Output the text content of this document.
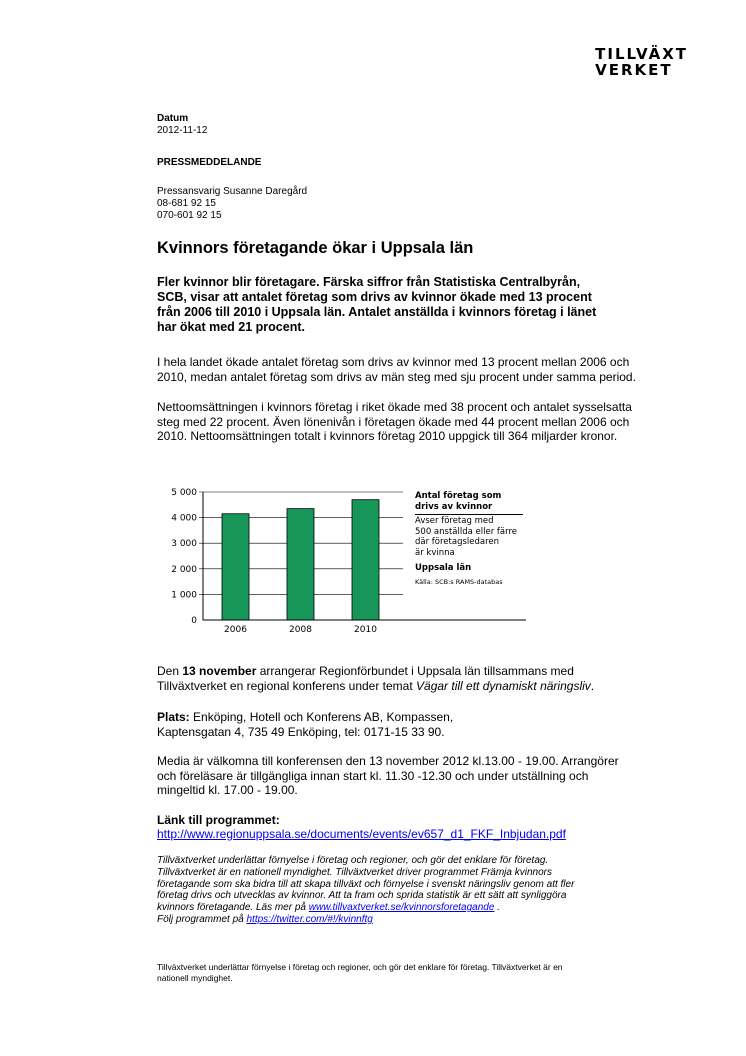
TILLVÄXT
VERKET
Datum
2012-11-12
PRESSMEDDELANDE
Pressansvarig Susanne Daregård
08-681 92 15
070-601 92 15
Kvinnors företagande ökar i Uppsala län
Fler kvinnor blir företagare. Färska siffror från Statistiska Centralbyrån,
SCB, visar att antalet företag som drivs av kvinnor ökade med 13 procent
från 2006 till 2010 i Uppsala län. Antalet anställda i kvinnors företag i länet
har ökat med 21 procent.
I hela landet ökade antalet företag som drivs av kvinnor med 13 procent mellan 2006 och
2010, medan antalet företag som drivs av män steg med sju procent under samma period.
Nettoomsättningen i kvinnors företag i riket ökade med 38 procent och antalet sysselsatta
steg med 22 procent. Även lönenivån i företagen ökade med 44 procent mellan 2006 och
2010. Nettoomsättningen totalt i kvinnors företag 2010 uppgick till 364 miljarder kronor.
0
1 000
2 000
3 000
4 000
5 000
2006	2008	2010
Antal företag som
drivs av kvinnor
Avser företag med
500 anställda eller färre
där företagsledaren
är kvinna
Uppsala län
Källa: SCB:s RAMS-databas
Den 13 november arrangerar Regionförbundet i Uppsala län tillsammans med
Tillväxtverket en regional konferens under temat Vägar till ett dynamiskt näringsliv.
Plats: Enköping, Hotell och Konferens AB, Kompassen,
Kaptensgatan 4, 735 49 Enköping, tel: 0171-15 33 90.
Media är välkomna till konferensen den 13 november 2012 kl.13.00 - 19.00. Arrangörer
och föreläsare är tillgängliga innan start kl. 11.30 -12.30 och under utställning och
mingeltid kl. 17.00 - 19.00.
Länk till programmet:
http://www.regionuppsala.se/documents/events/ev657_d1_FKF_Inbjudan.pdf
Tillväxtverket underlättar förnyelse i företag och regioner, och gör det enklare för företag.
Tillväxtverket är en nationell myndighet. Tillväxtverket driver programmet Främja kvinnors
företagande som ska bidra till att skapa tillväxt och förnyelse i svenskt näringsliv genom att fler
företag drivs och utvecklas av kvinnor. Att ta fram och sprida statistik är ett sätt att synliggöra
kvinnors företagande. Läs mer på www.tillvaxtverket.se/kvinnorsforetagande .
Följ programmet på https://twitter.com/#!/kvinnftg
Tillväxtverket underlättar förnyelse i företag och regioner, och gör det enklare för företag. Tillväxtverket är en
nationell myndighet.
